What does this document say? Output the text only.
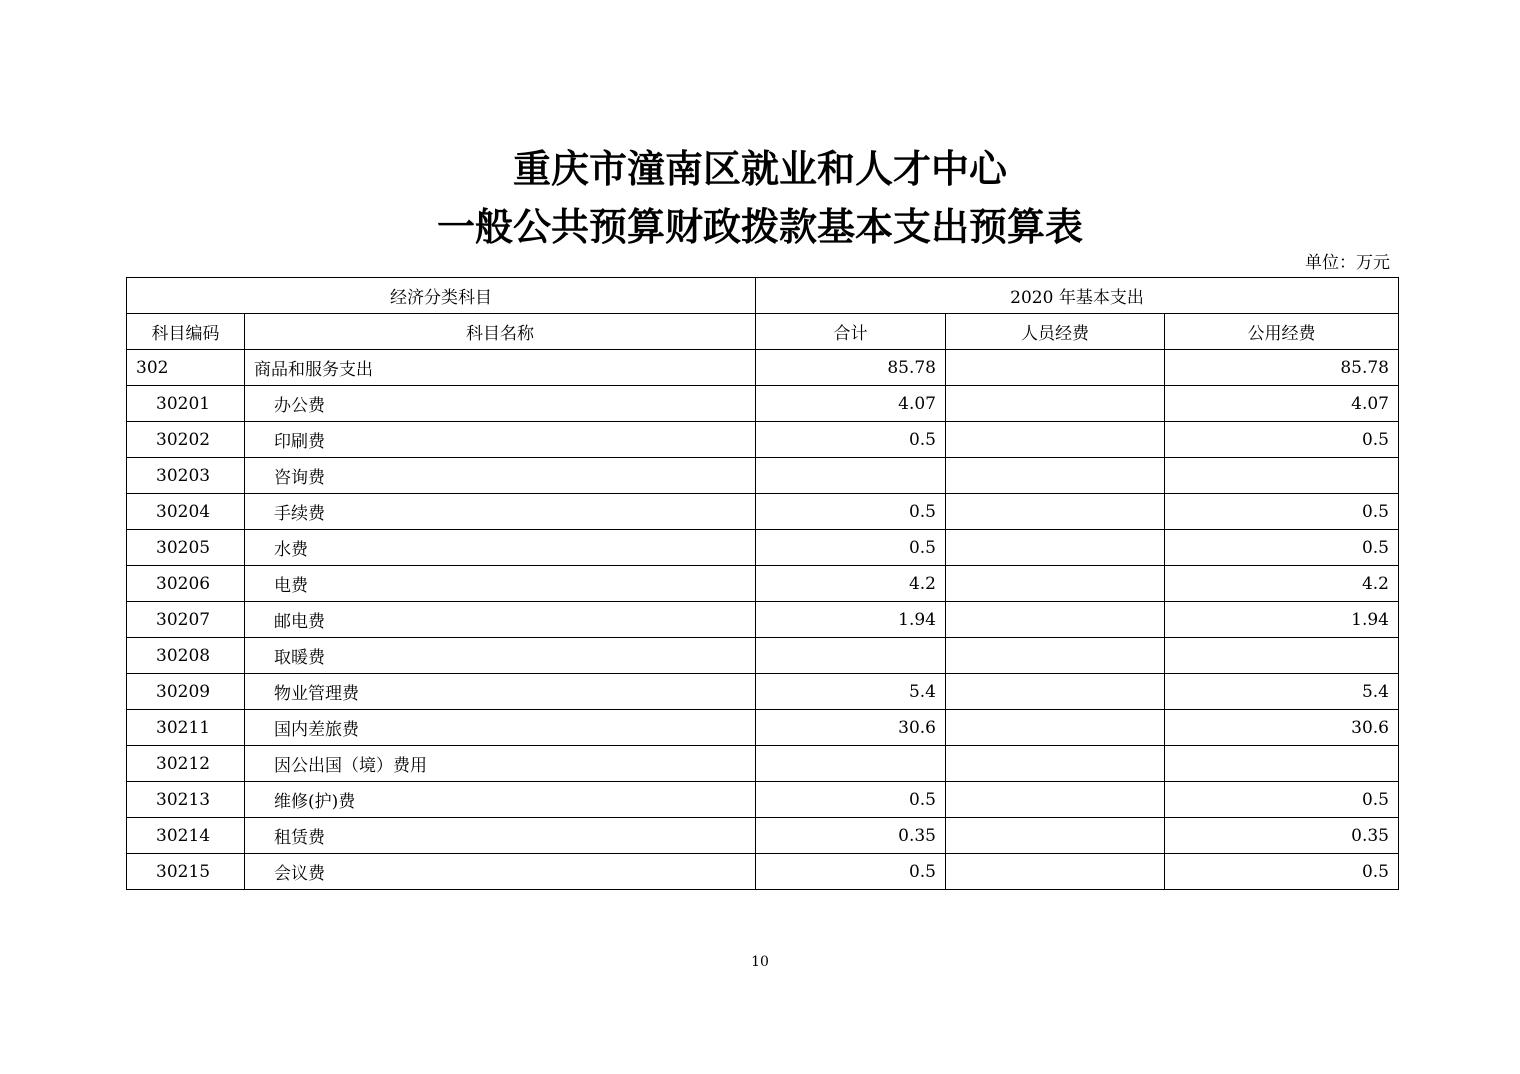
重庆市潼南区就业和人才中心
一般公共预算财政拨款基本支出预算表
单位：万元
经济分类科目		2020 年基本支出		
科目编码	科目名称	合计	人员经费	公用经费
302	商品和服务支出	85.78		85.78
30201	办公费	4.07		4.07
30202	印刷费	0.5		0.5
30203	咨询费			
30204	手续费	0.5		0.5
30205	水费	0.5		0.5
30206	电费	4.2		4.2
30207	邮电费	1.94		1.94
30208	取暖费			
30209	物业管理费	5.4		5.4
30211	国内差旅费	30.6		30.6
30212	因公出国（境）费用			
30213	维修(护)费	0.5		0.5
30214	租赁费	0.35		0.35
30215	会议费	0.5		0.5
10
